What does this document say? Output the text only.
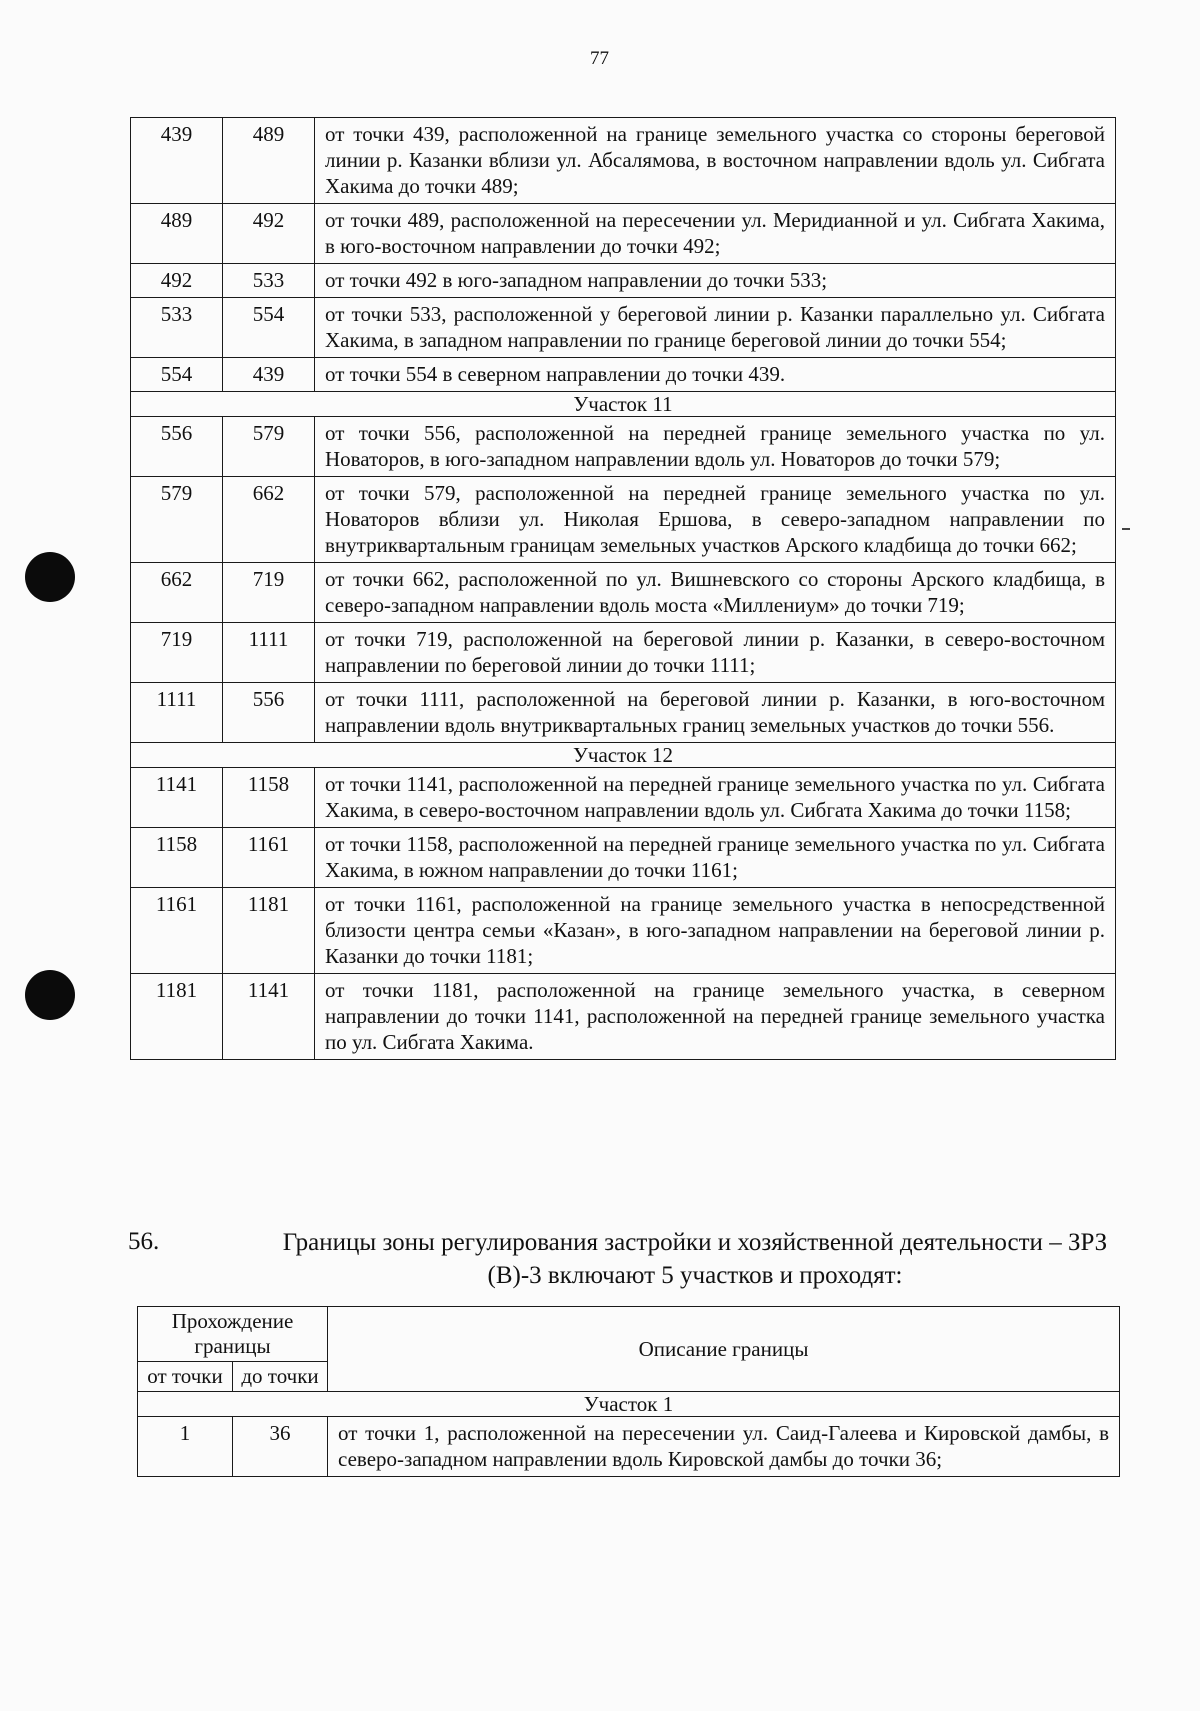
77
439	489	от точки 439, расположенной на границе земельного участка со стороны береговой линии р. Казанки вблизи ул. Абсалямова, в восточном направлении вдоль ул. Сибгата Хакима до точки 489;
489	492	от точки 489, расположенной на пересечении ул. Меридианной и ул. Сибгата Хакима, в юго-восточном направлении до точки 492;
492	533	от точки 492 в юго-западном направлении до точки 533;
533	554	от точки 533, расположенной у береговой линии р. Казанки параллельно ул. Сибгата Хакима, в западном направлении по границе береговой линии до точки 554;
554	439	от точки 554 в северном направлении до точки 439.
Участок 11		
556	579	от точки 556, расположенной на передней границе земельного участка по ул. Новаторов, в юго-западном направлении вдоль ул. Новаторов до точки 579;
579	662	от точки 579, расположенной на передней границе земельного участка по ул. Новаторов вблизи ул. Николая Ершова, в северо-западном направлении по внутриквартальным границам земельных участков Арского кладбища до точки 662;
662	719	от точки 662, расположенной по ул. Вишневского со стороны Арского кладбища, в северо-западном направлении вдоль моста «Миллениум» до точки 719;
719	1111	от точки 719, расположенной на береговой линии р. Казанки, в северо-восточном направлении по береговой линии до точки 1111;
1111	556	от точки 1111, расположенной на береговой линии р. Казанки, в юго-восточном направлении вдоль внутриквартальных границ земельных участков до точки 556.
Участок 12		
1141	1158	от точки 1141, расположенной на передней границе земельного участка по ул. Сибгата Хакима, в северо-восточном направлении вдоль ул. Сибгата Хакима до точки 1158;
1158	1161	от точки 1158, расположенной на передней границе земельного участка по ул. Сибгата Хакима, в южном направлении до точки 1161;
1161	1181	от точки 1161, расположенной на границе земельного участка в непосредственной близости центра семьи «Казан», в юго-западном направлении на береговой линии р. Казанки до точки 1181;
1181	1141	от точки 1181, расположенной на границе земельного участка, в северном направлении до точки 1141, расположенной на передней границе земельного участка по ул. Сибгата Хакима.

56.	Границы зоны регулирования застройки и хозяйственной деятельности – ЗРЗ (В)-3 включают 5 участков и проходят:
Прохождение границы		Описание границы
от точки	до точки	
Участок 1		
1	36	от точки 1, расположенной на пересечении ул. Саид-Галеева и Кировской дамбы, в северо-западном направлении вдоль Кировской дамбы до точки 36;
